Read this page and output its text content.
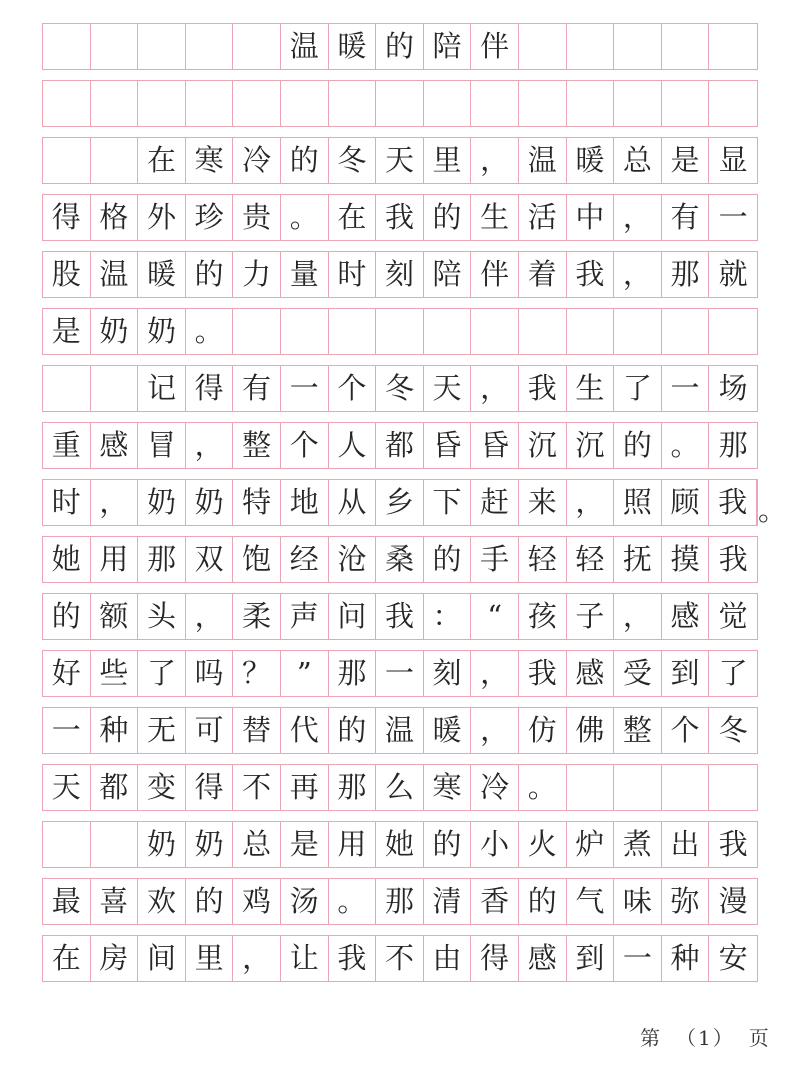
温 暖 的 陪 伴
在 寒 冷 的 冬 天 里 ， 温 暖 总 是 显
得 格 外 珍 贵 。 在 我 的 生 活 中 ， 有 一
股 温 暖 的 力 量 时 刻 陪 伴 着 我 ， 那 就
是 奶 奶 。
记 得 有 一 个 冬 天 ， 我 生 了 一 场
重 感 冒 ， 整 个 人 都 昏 昏 沉 沉 的 。 那
时 ， 奶 奶 特 地 从 乡 下 赶 来 ， 照 顾 我 。
她 用 那 双 饱 经 沧 桑 的 手 轻 轻 抚 摸 我
的 额 头 ， 柔 声 问 我 ： “ 孩 子 ， 感 觉
好 些 了 吗 ？ ” 那 一 刻 ， 我 感 受 到 了
一 种 无 可 替 代 的 温 暖 ， 仿 佛 整 个 冬
天 都 变 得 不 再 那 么 寒 冷 。
奶 奶 总 是 用 她 的 小 火 炉 煮 出 我
最 喜 欢 的 鸡 汤 。 那 清 香 的 气 味 弥 漫
在 房 间 里 ， 让 我 不 由 得 感 到 一 种 安
第 （1） 页
